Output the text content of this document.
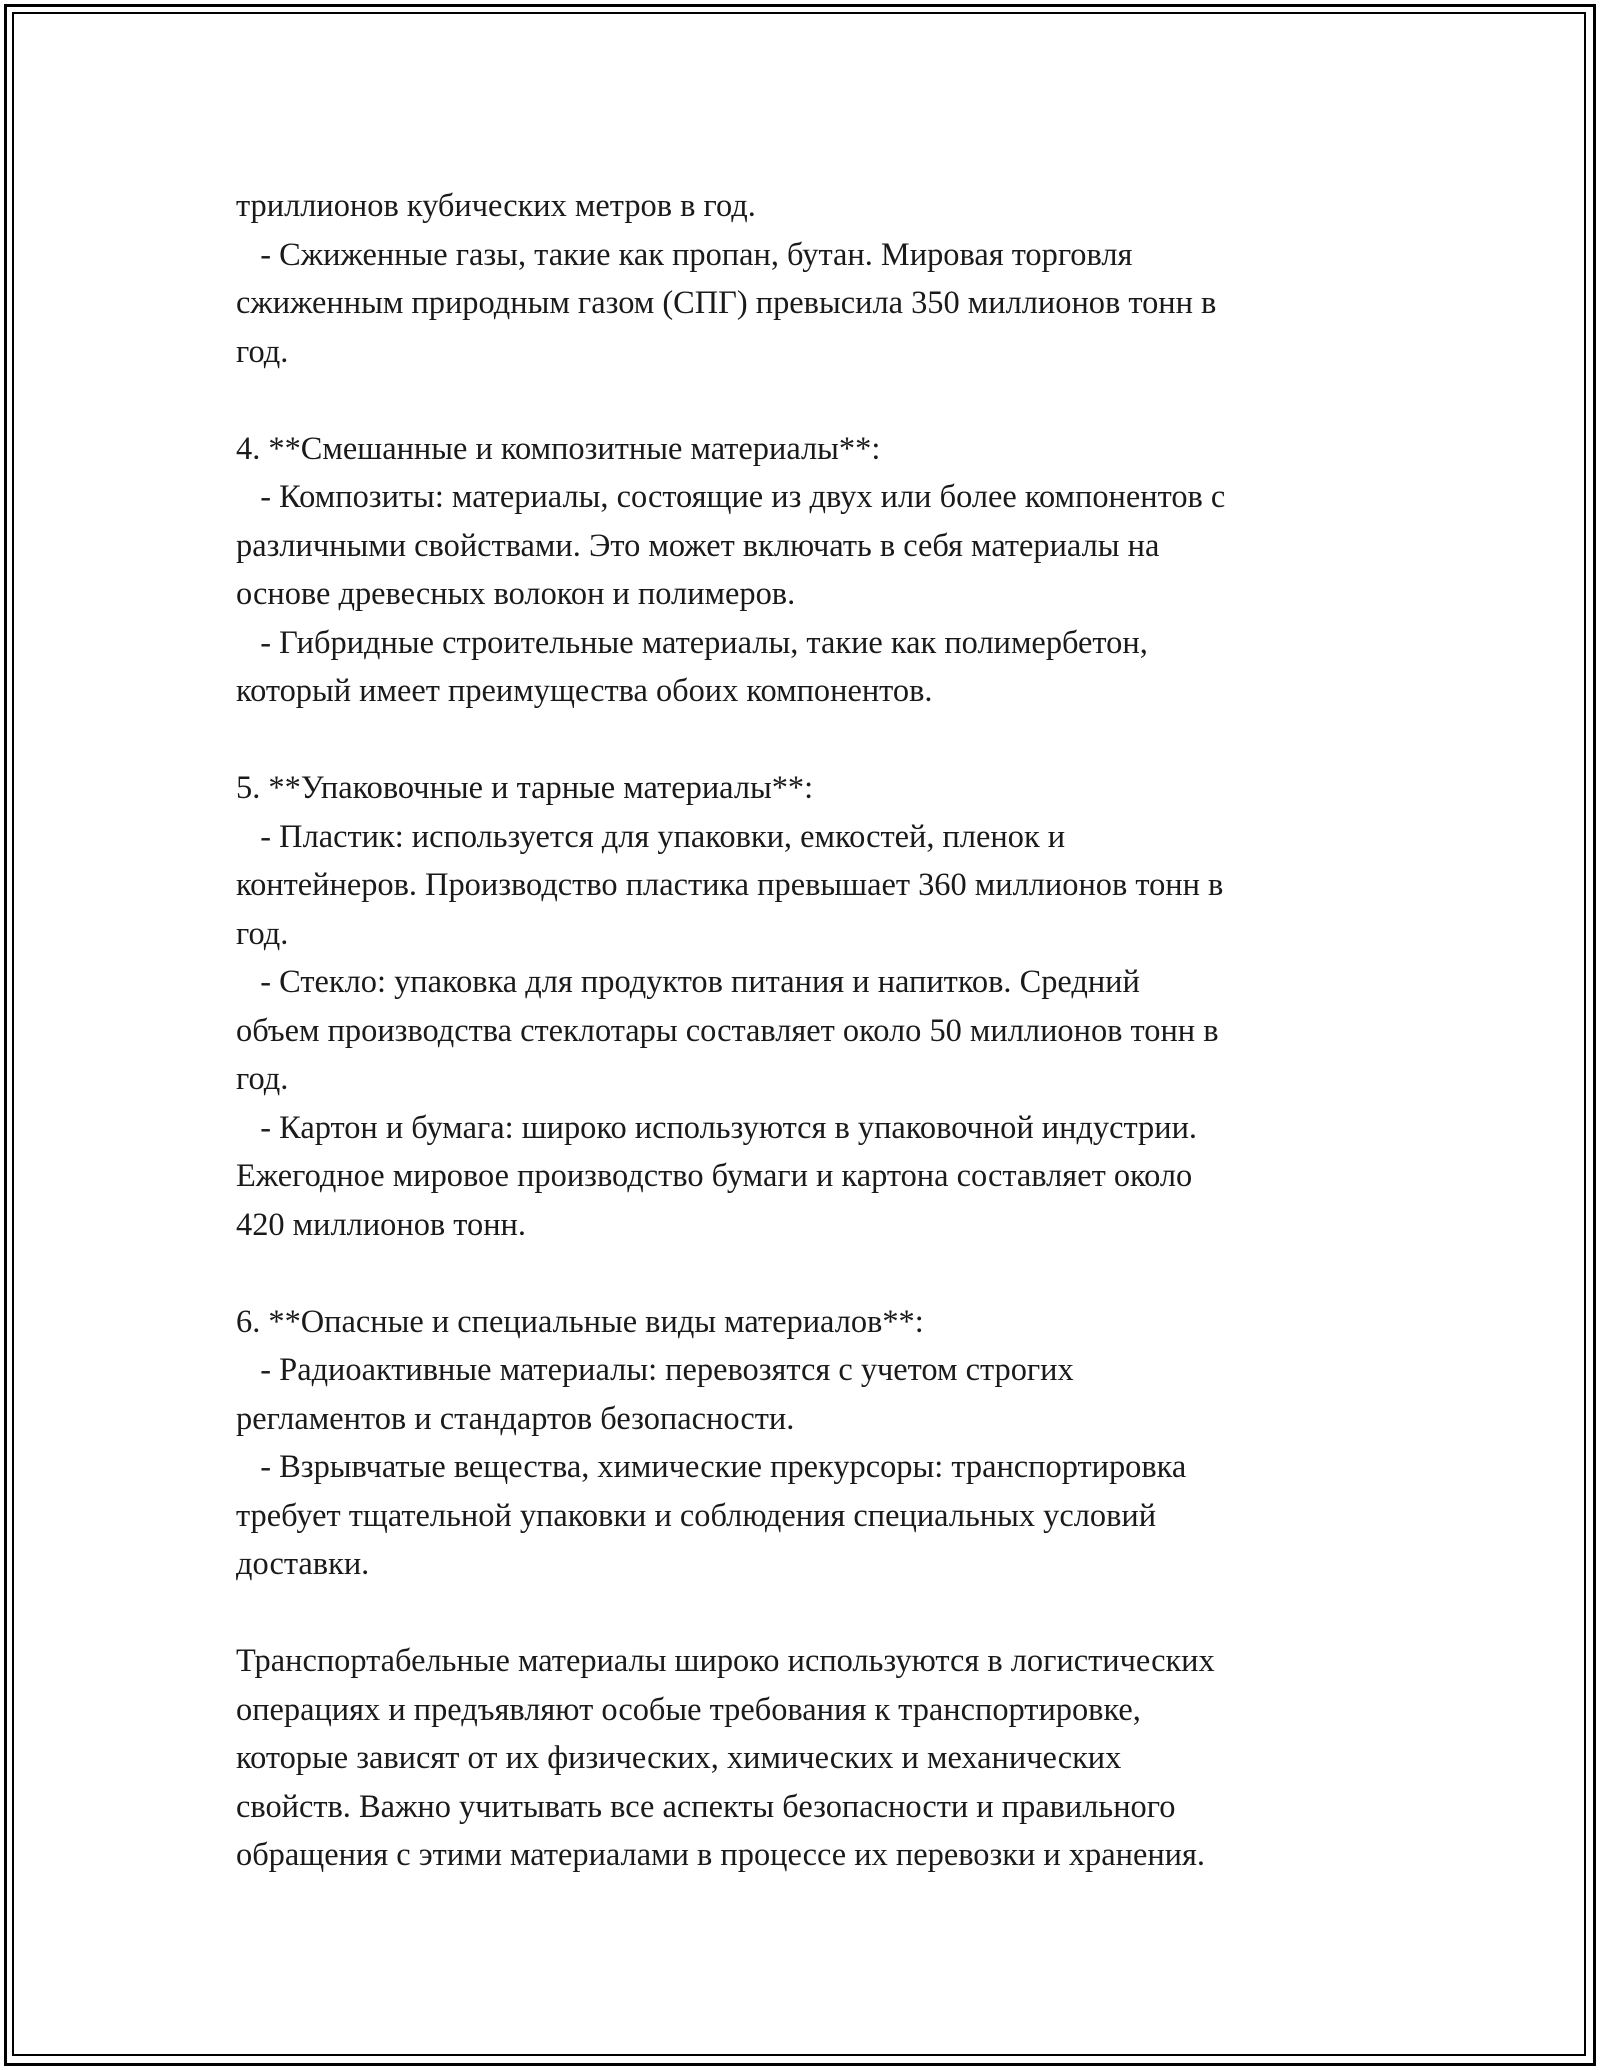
триллионов кубических метров в год.
- Сжиженные газы, такие как пропан, бутан. Мировая торговля
сжиженным природным газом (СПГ) превысила 350 миллионов тонн в
год.
4. **Смешанные и композитные материалы**:
- Композиты: материалы, состоящие из двух или более компонентов с
различными свойствами. Это может включать в себя материалы на
основе древесных волокон и полимеров.
- Гибридные строительные материалы, такие как полимербетон,
который имеет преимущества обоих компонентов.
5. **Упаковочные и тарные материалы**:
- Пластик: используется для упаковки, емкостей, пленок и
контейнеров. Производство пластика превышает 360 миллионов тонн в
год.
- Стекло: упаковка для продуктов питания и напитков. Средний
объем производства стеклотары составляет около 50 миллионов тонн в
год.
- Картон и бумага: широко используются в упаковочной индустрии.
Ежегодное мировое производство бумаги и картона составляет около
420 миллионов тонн.
6. **Опасные и специальные виды материалов**:
- Радиоактивные материалы: перевозятся с учетом строгих
регламентов и стандартов безопасности.
- Взрывчатые вещества, химические прекурсоры: транспортировка
требует тщательной упаковки и соблюдения специальных условий
доставки.
Транспортабельные материалы широко используются в логистических
операциях и предъявляют особые требования к транспортировке,
которые зависят от их физических, химических и механических
свойств. Важно учитывать все аспекты безопасности и правильного
обращения с этими материалами в процессе их перевозки и хранения.
